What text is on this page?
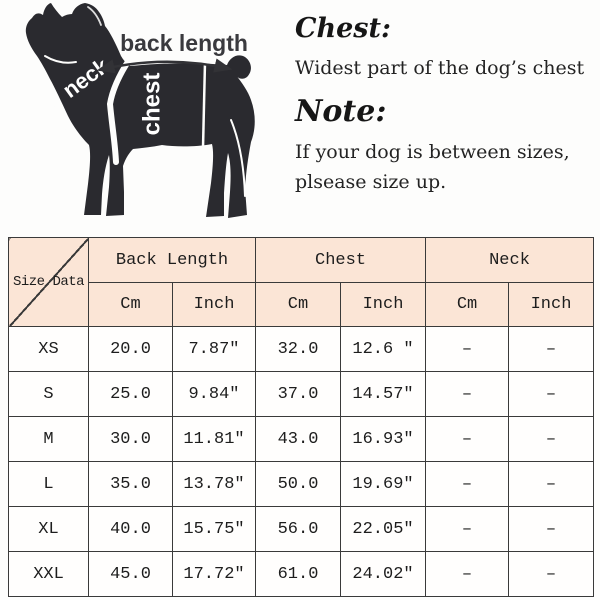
neck chest
back length Chest:

Widest part of the dog’s chest

Note:

If your dog is between sizes,
plsease size up.

Size Data	Back Length		Chest		Neck	
	Cm	Inch	Cm	Inch	Cm	Inch
XS	20.0	7.87″	32.0	12.6 ″	–	–
S	25.0	9.84″	37.0	14.57″	–	–
M	30.0	11.81″	43.0	16.93″	–	–
L	35.0	13.78″	50.0	19.69″	–	–
XL	40.0	15.75″	56.0	22.05″	–	–
XXL	45.0	17.72″	61.0	24.02″	–	–
